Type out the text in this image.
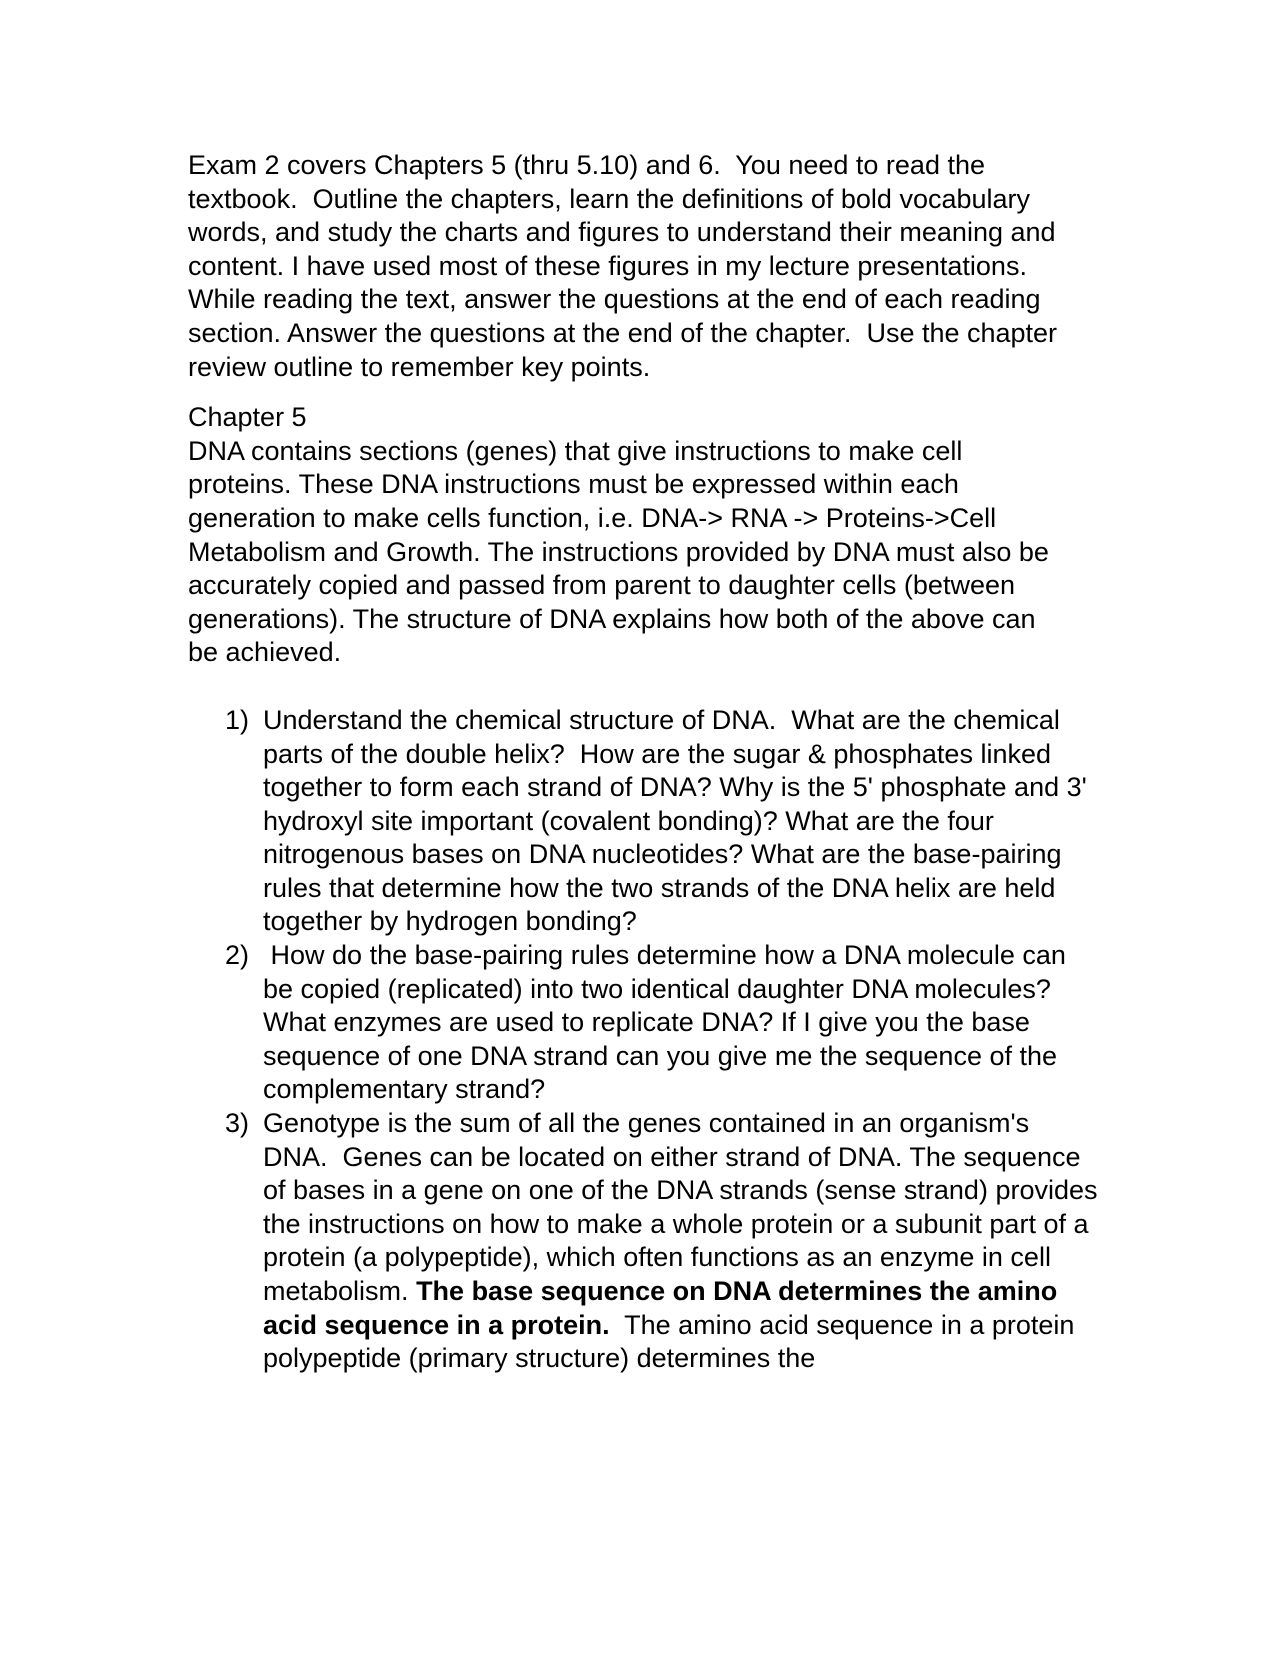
Exam 2 covers Chapters 5 (thru 5.10) and 6.  You need to read the textbook.  Outline the chapters, learn the definitions of bold vocabulary words, and study the charts and figures to understand their meaning and content. I have used most of these figures in my lecture presentations.  While reading the text, answer the questions at the end of each reading section. Answer the questions at the end of the chapter.  Use the chapter review outline to remember key points.

Chapter 5

DNA contains sections (genes) that give instructions to make cell proteins. These DNA instructions must be expressed within each generation to make cells function, i.e. DNA-> RNA -> Proteins->Cell Metabolism and Growth. The instructions provided by DNA must also be accurately copied and passed from parent to daughter cells (between generations). The structure of DNA explains how both of the above can be achieved.

1) Understand the chemical structure of DNA.  What are the chemical parts of the double helix?  How are the sugar & phosphates linked together to form each strand of DNA? Why is the 5' phosphate and 3' hydroxyl site important (covalent bonding)? What are the four nitrogenous bases on DNA nucleotides? What are the base-pairing rules that determine how the two strands of the DNA helix are held together by hydrogen bonding?
2) How do the base-pairing rules determine how a DNA molecule can be copied (replicated) into two identical daughter DNA molecules? What enzymes are used to replicate DNA? If I give you the base sequence of one DNA strand can you give me the sequence of the complementary strand?
3) Genotype is the sum of all the genes contained in an organism's DNA.  Genes can be located on either strand of DNA. The sequence of bases in a gene on one of the DNA strands (sense strand) provides the instructions on how to make a whole protein or a subunit part of a protein (a polypeptide), which often functions as an enzyme in cell metabolism. The base sequence on DNA determines the amino acid sequence in a protein.  The amino acid sequence in a protein polypeptide (primary structure) determines the
